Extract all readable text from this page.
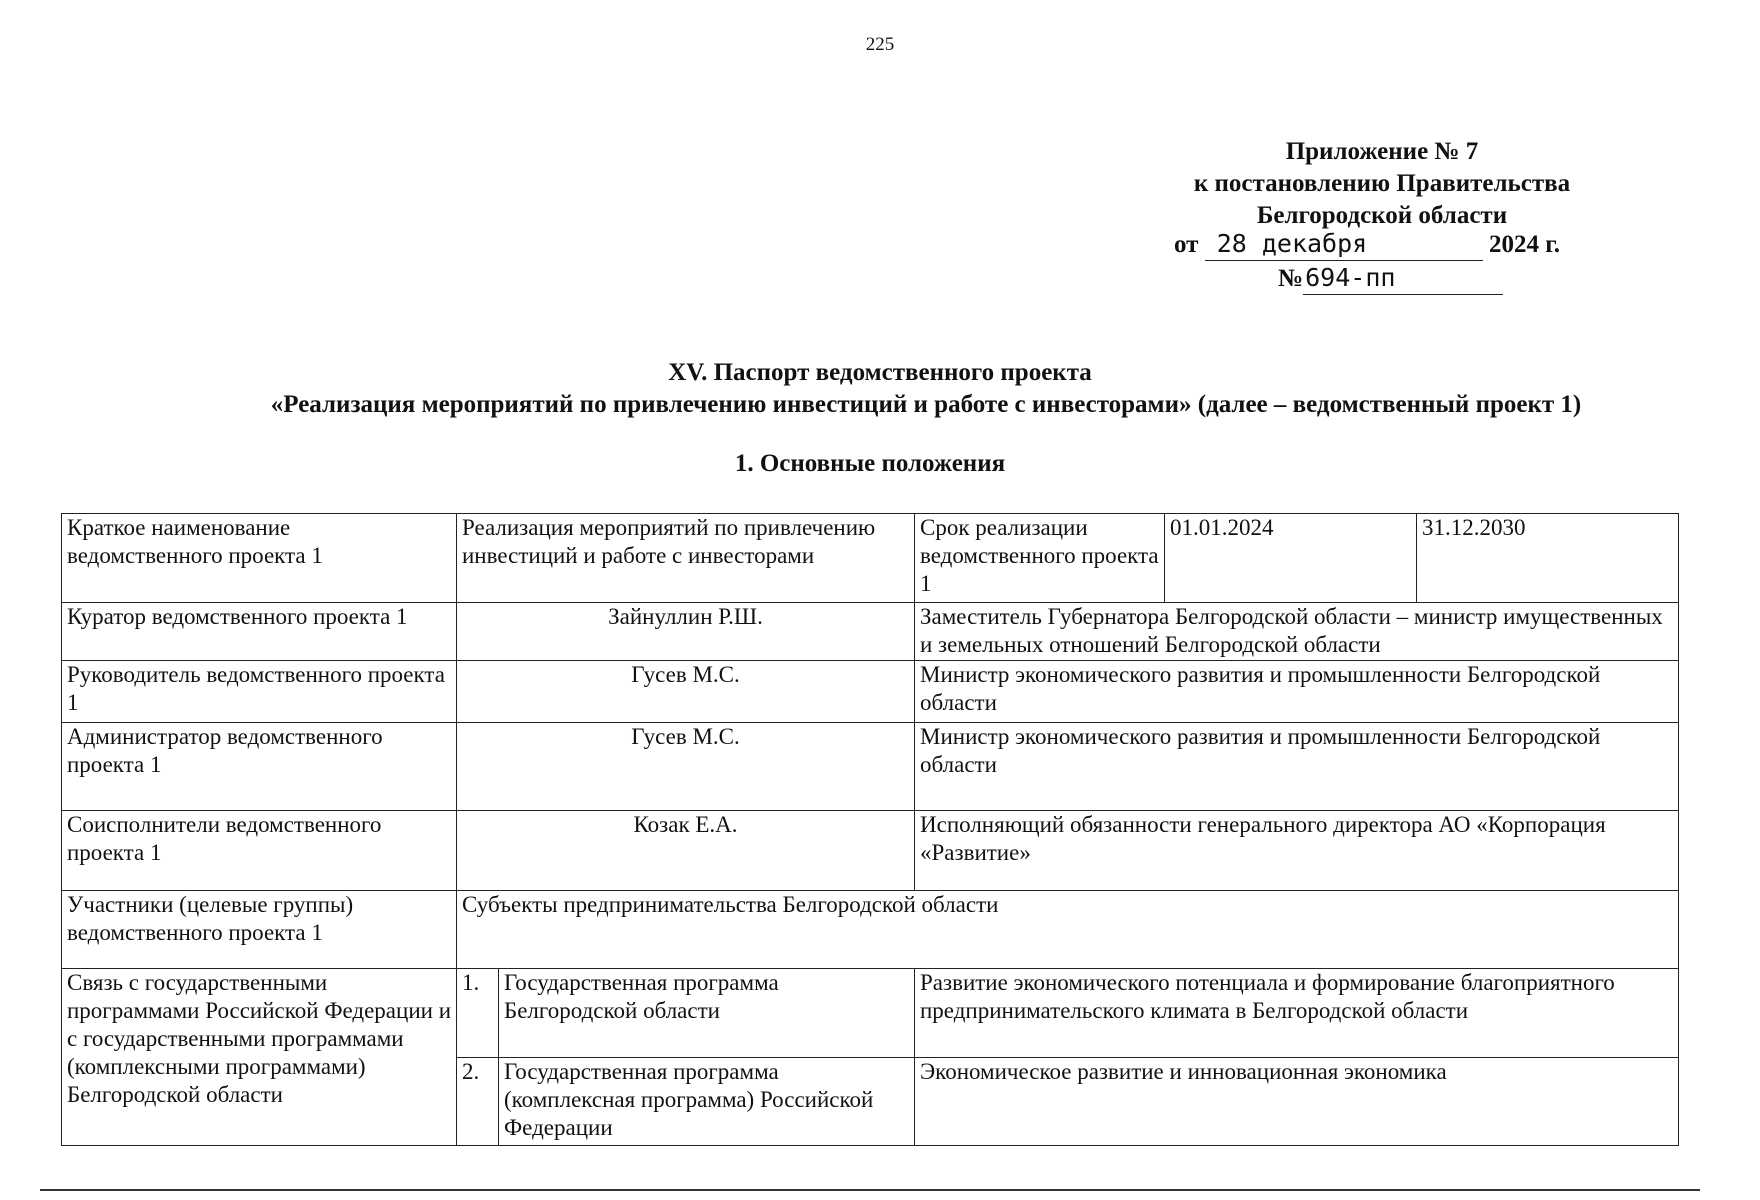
225
Приложение № 7
к постановлению Правительства
Белгородской области
от 28 декабря	2024 г.
№694-пп
XV. Паспорт ведомственного проекта
«Реализация мероприятий по привлечению инвестиций и работе с инвесторами» (далее – ведомственный проект 1)
1. Основные положения
Краткое наименование ведомственного проекта 1	Реализация мероприятий по привлечению инвестиций и работе с инвесторами		Срок реализации ведомственного проекта 1	01.01.2024	31.12.2030
Куратор ведомственного проекта 1	Зайнуллин Р.Ш.		Заместитель Губернатора Белгородской области – министр имущественных и земельных отношений Белгородской области		
Руководитель ведомственного проекта 1	Гусев М.С.		Министр экономического развития и промышленности Белгородской области		
Администратор ведомственного проекта 1	Гусев М.С.		Министр экономического развития и промышленности Белгородской области		
Соисполнители ведомственного проекта 1	Козак Е.А.		Исполняющий обязанности генерального директора АО «Корпорация «Развитие»		
Участники (целевые группы) ведомственного проекта 1	Субъекты предпринимательства Белгородской области				
Связь с государственными программами Российской Федерации и с государственными программами (комплексными программами) Белгородской области	1.	Государственная программа Белгородской области	Развитие экономического потенциала и формирование благоприятного предпринимательского климата в Белгородской области		
	2.	Государственная программа (комплексная программа) Российской Федерации	Экономическое развитие и инновационная экономика		
